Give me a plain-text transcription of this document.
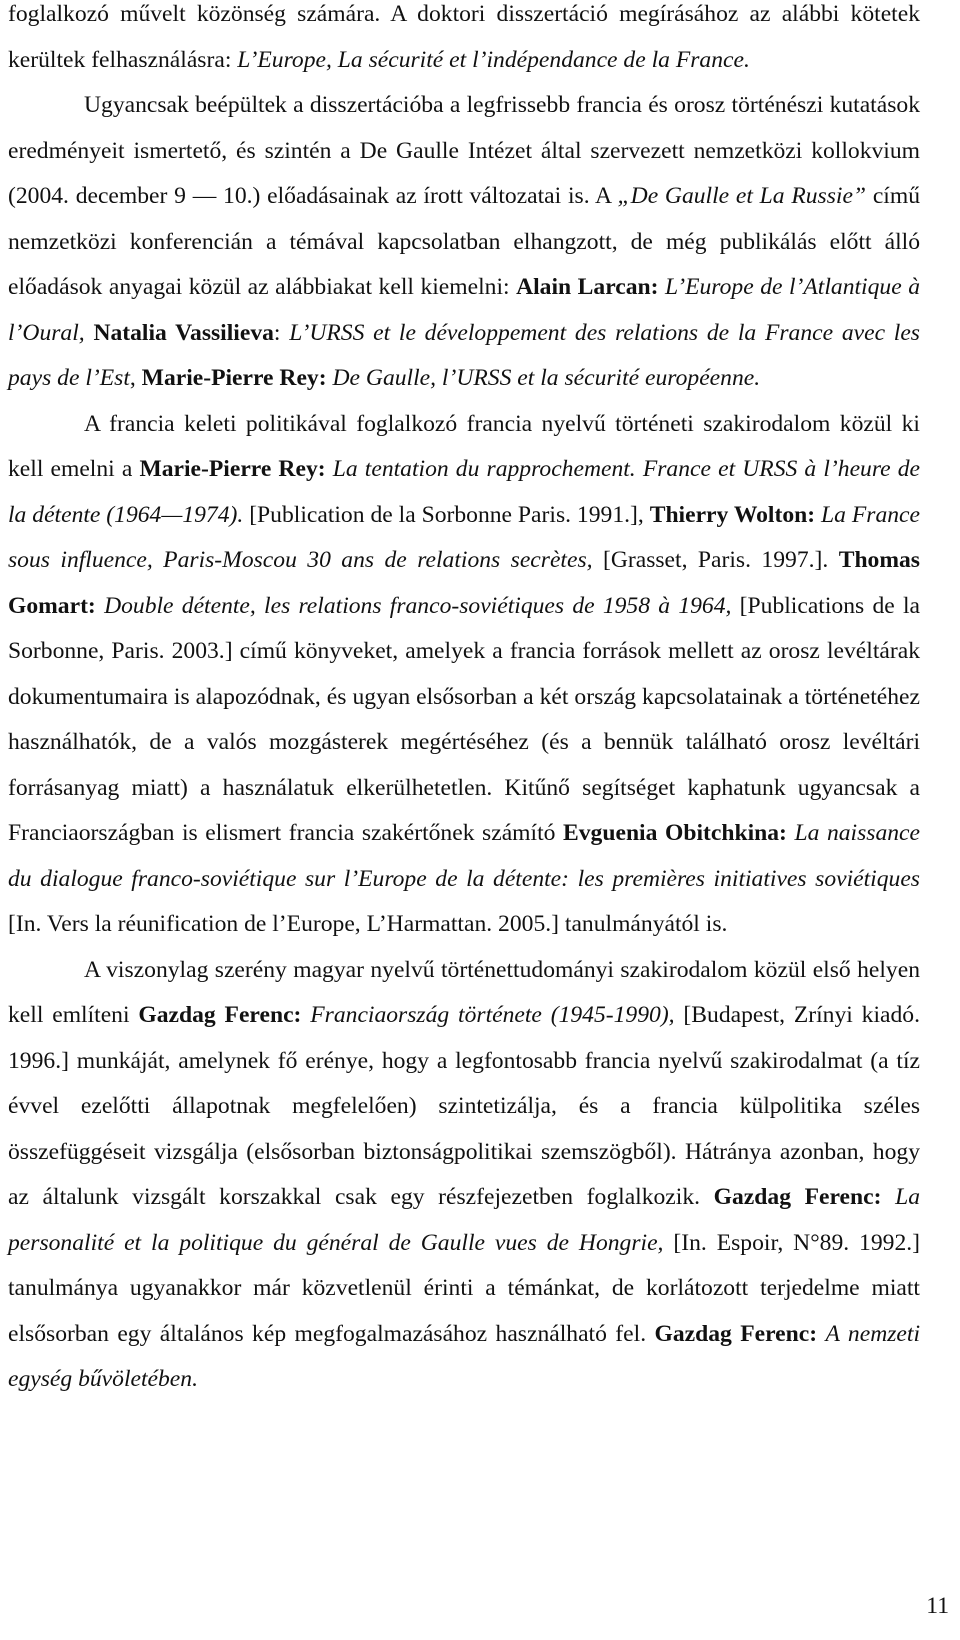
foglalkozó művelt közönség számára. A doktori disszertáció megírásához az alábbi kötetek kerültek felhasználásra: L’Europe, La sécurité et l’indépendance de la France.

Ugyancsak beépültek a disszertációba a legfrissebb francia és orosz történészi kutatások eredményeit ismertető, és szintén a De Gaulle Intézet által szervezett nemzetközi kollokvium (2004. december 9 — 10.) előadásainak az írott változatai is. A „De Gaulle et La Russie” című nemzetközi konferencián a témával kapcsolatban elhangzott, de még publikálás előtt álló előadások anyagai közül az alábbiakat kell kiemelni: Alain Larcan: L’Europe de l’Atlantique à l’Oural, Natalia Vassilieva: L’URSS et le développement des relations de la France avec les pays de l’Est, Marie-Pierre Rey: De Gaulle, l’URSS et la sécurité européenne.

A francia keleti politikával foglalkozó francia nyelvű történeti szakirodalom közül ki kell emelni a Marie-Pierre Rey: La tentation du rapprochement. France et URSS à l’heure de la détente (1964—1974). [Publication de la Sorbonne Paris. 1991.], Thierry Wolton: La France sous influence, Paris-Moscou 30 ans de relations secrètes, [Grasset, Paris. 1997.]. Thomas Gomart: Double détente, les relations franco-soviétiques de 1958 à 1964, [Publications de la Sorbonne, Paris. 2003.] című könyveket, amelyek a francia források mellett az orosz levéltárak dokumentumaira is alapozódnak, és ugyan elsősorban a két ország kapcsolatainak a történetéhez használhatók, de a valós mozgásterek megértéséhez (és a bennük található orosz levéltári forrásanyag miatt) a használatuk elkerülhetetlen. Kitűnő segítséget kaphatunk ugyancsak a Franciaországban is elismert francia szakértőnek számító Evguenia Obitchkina: La naissance du dialogue franco-soviétique sur l’Europe de la détente: les premières initiatives soviétiques [In. Vers la réunification de l’Europe, L’Harmattan. 2005.] tanulmányától is.

A viszonylag szerény magyar nyelvű történettudományi szakirodalom közül első helyen kell említeni Gazdag Ferenc: Franciaország története (1945-1990), [Budapest, Zrínyi kiadó. 1996.] munkáját, amelynek fő erénye, hogy a legfontosabb francia nyelvű szakirodalmat (a tíz évvel ezelőtti állapotnak megfelelően) szintetizálja, és a francia külpolitika széles összefüggéseit vizsgálja (elsősorban biztonságpolitikai szemszögből). Hátránya azonban, hogy az általunk vizsgált korszakkal csak egy részfejezetben foglalkozik. Gazdag Ferenc: La personalité et la politique du général de Gaulle vues de Hongrie, [In. Espoir, N°89. 1992.] tanulmánya ugyanakkor már közvetlenül érinti a témánkat, de korlátozott terjedelme miatt elsősorban egy általános kép megfogalmazásához használható fel. Gazdag Ferenc: A nemzeti egység bűvöletében.

11
